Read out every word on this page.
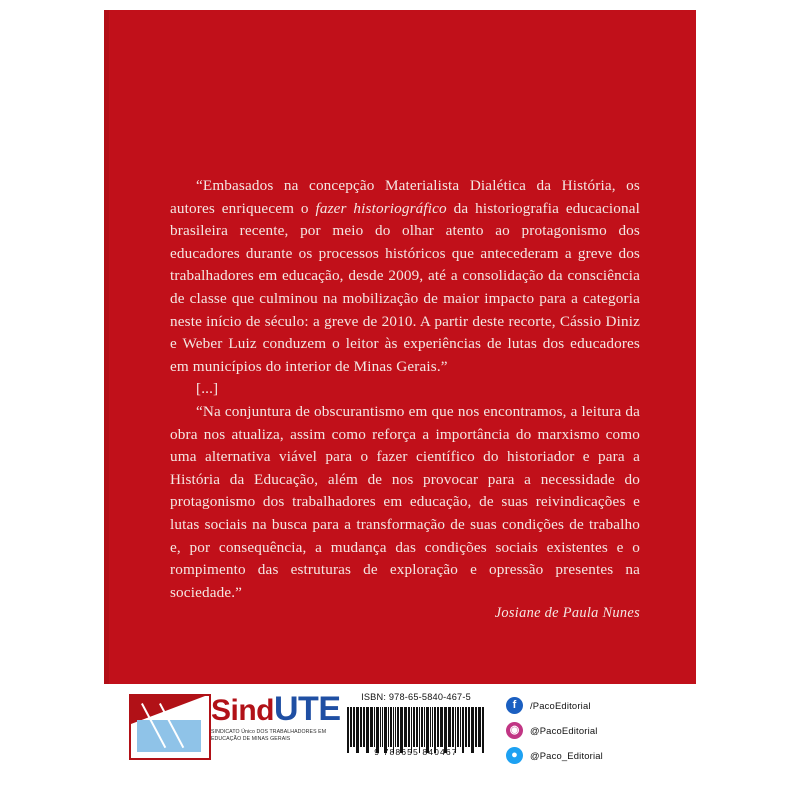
“Embasados na concepção Materialista Dialética da História, os autores enriquecem o fazer historiográfico da historiografia educacional brasileira recente, por meio do olhar atento ao protagonismo dos educadores durante os processos históricos que antecederam a greve dos trabalhadores em educação, desde 2009, até a consolidação da consciência de classe que culminou na mobilização de maior impacto para a categoria neste início de século: a greve de 2010. A partir deste recorte, Cássio Diniz e Weber Luiz conduzem o leitor às experiências de lutas dos educadores em municípios do interior de Minas Gerais.”

[...]

“Na conjuntura de obscurantismo em que nos encontramos, a leitura da obra nos atualiza, assim como reforça a importância do marxismo como uma alternativa viável para o fazer científico do historiador e para a História da Educação, além de nos provocar para a necessidade do protagonismo dos trabalhadores em educação, de suas reivindicações e lutas sociais na busca para a transformação de suas condições de trabalho e, por consequência, a mudança das condições sociais existentes e o rompimento das estruturas de exploração e opressão presentes na sociedade.”

Josiane de Paula Nunes
SindUTE
SINDICATO Único DOS TRABALHADORES EM EDUCAÇÃO DE MINAS GERAIS
ISBN: 978-65-5840-467-5
9 788655 840467
f	/PacoEditorial
◉	@PacoEditorial
●	@Paco_Editorial
